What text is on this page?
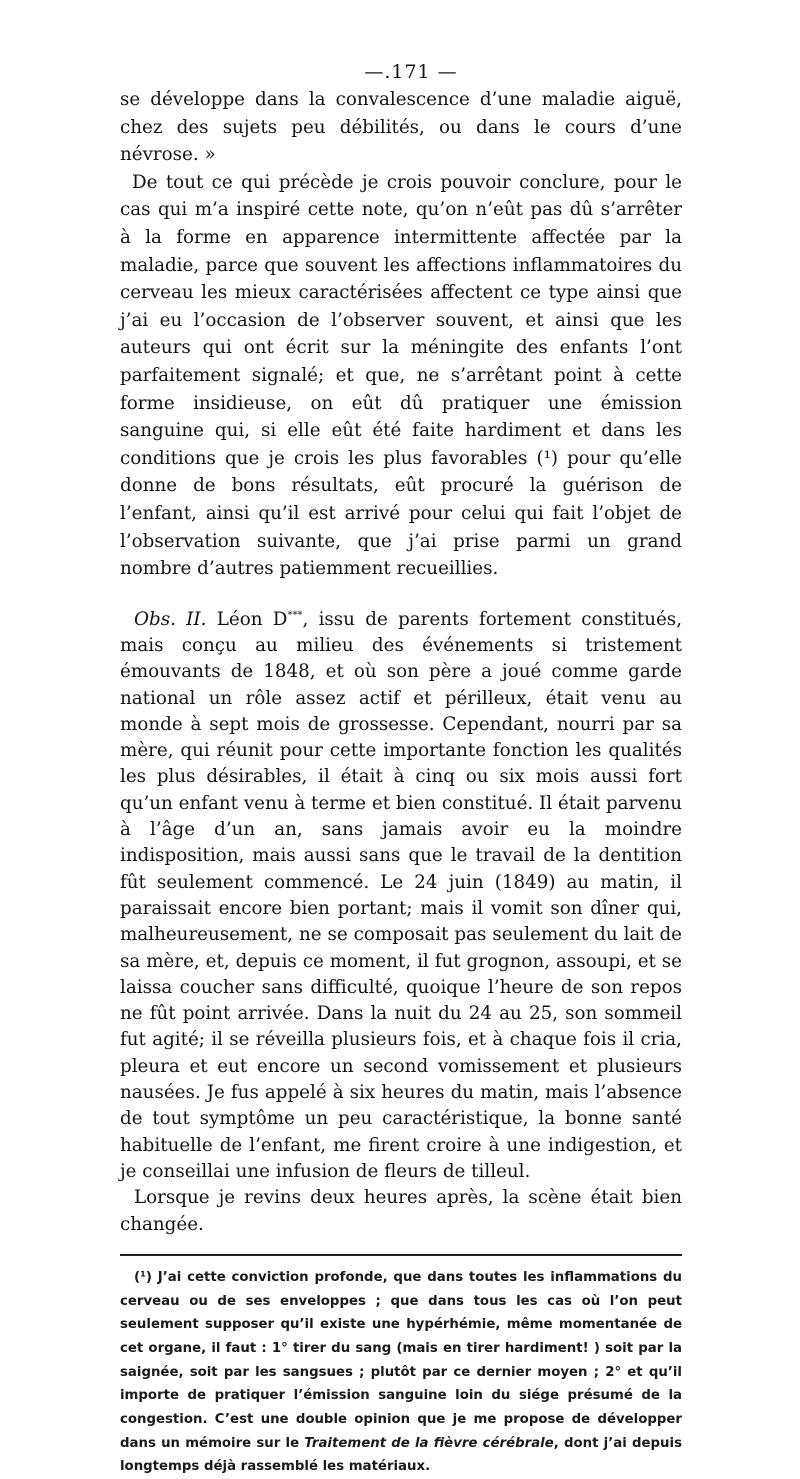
—.171 —

se développe dans la convalescence d’une maladie aiguë, chez des sujets peu débilités, ou dans le cours d’une névrose. »

De tout ce qui précède je crois pouvoir conclure, pour le cas qui m’a inspiré cette note, qu’on n’eût pas dû s’arrêter à la forme en apparence intermittente affectée par la maladie, parce que souvent les affections inflammatoires du cerveau les mieux caractérisées affectent ce type ainsi que j’ai eu l’occasion de l’observer souvent, et ainsi que les auteurs qui ont écrit sur la méningite des enfants l’ont parfaitement signalé; et que, ne s’arrêtant point à cette forme insidieuse, on eût dû pratiquer une émission sanguine qui, si elle eût été faite hardiment et dans les conditions que je crois les plus favorables (¹) pour qu’elle donne de bons résultats, eût procuré la guérison de l’enfant, ainsi qu’il est arrivé pour celui qui fait l’objet de l’observation suivante, que j’ai prise parmi un grand nombre d’autres patiemment recueillies.

Obs. II. Léon D***, issu de parents fortement constitués, mais conçu au milieu des événements si tristement émouvants de 1848, et où son père a joué comme garde national un rôle assez actif et périlleux, était venu au monde à sept mois de grossesse. Cependant, nourri par sa mère, qui réunit pour cette importante fonction les qualités les plus désirables, il était à cinq ou six mois aussi fort qu’un enfant venu à terme et bien constitué. Il était parvenu à l’âge d’un an, sans jamais avoir eu la moindre indisposition, mais aussi sans que le travail de la dentition fût seulement commencé. Le 24 juin (1849) au matin, il paraissait encore bien portant; mais il vomit son dîner qui, malheureusement, ne se composait pas seulement du lait de sa mère, et, depuis ce moment, il fut grognon, assoupi, et se laissa coucher sans difficulté, quoique l’heure de son repos ne fût point arrivée. Dans la nuit du 24 au 25, son sommeil fut agité; il se réveilla plusieurs fois, et à chaque fois il cria, pleura et eut encore un second vomissement et plusieurs nausées. Je fus appelé à six heures du matin, mais l’absence de tout symptôme un peu caractéristique, la bonne santé habituelle de l’enfant, me firent croire à une indigestion, et je conseillai une infusion de fleurs de tilleul.

Lorsque je revins deux heures après, la scène était bien changée.

(¹) J’ai cette conviction profonde, que dans toutes les inflammations du cerveau ou de ses enveloppes ; que dans tous les cas où l’on peut seulement supposer qu’il existe une hypérhémie, même momentanée de cet organe, il faut : 1° tirer du sang (mais en tirer hardiment! ) soit par la saignée, soit par les sangsues ; plutôt par ce dernier moyen ; 2° et qu’il importe de pratiquer l’émission sanguine loin du siége présumé de la congestion. C’est une double opinion que je me propose de développer dans un mémoire sur le Traitement de la fièvre cérébrale, dont j’ai depuis longtemps déjà rassemblé les matériaux.
